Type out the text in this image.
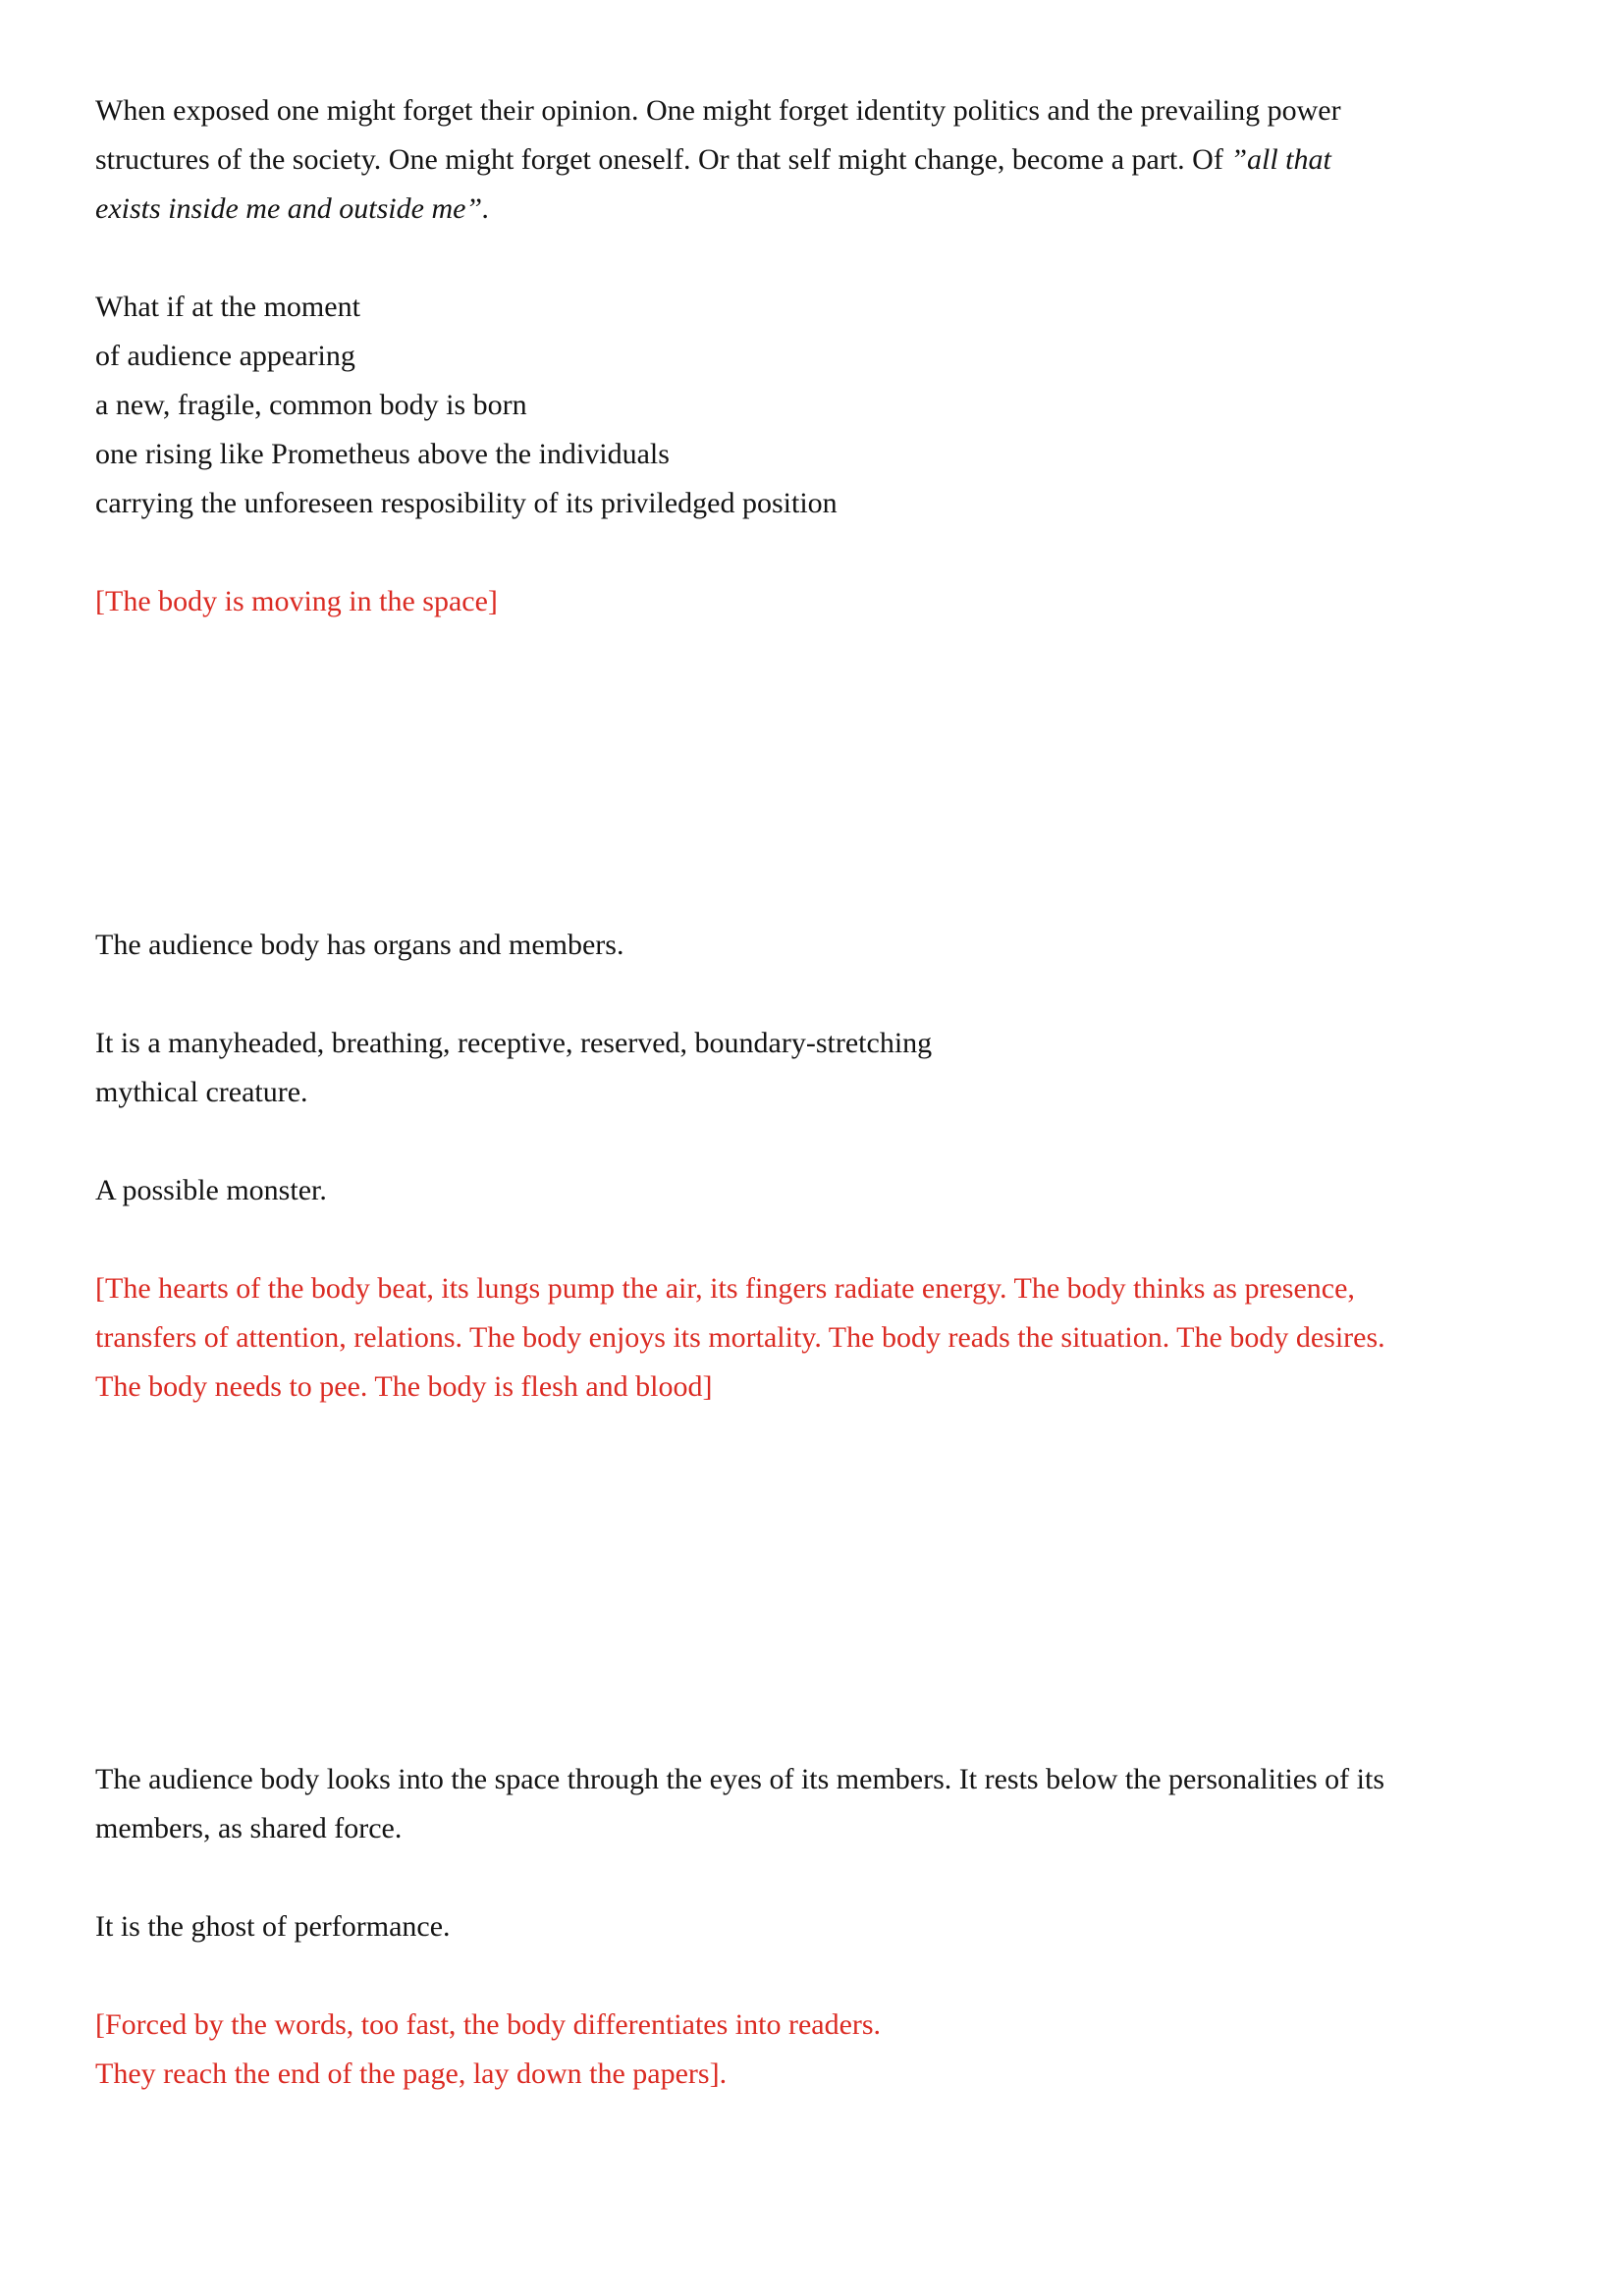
When exposed one might forget their opinion. One might forget identity politics and the prevailing power
structures of the society. One might forget oneself. Or that self might change, become a part. Of ”all that
exists inside me and outside me”.

What if at the moment
of audience appearing
a new, fragile, common body is born
one rising like Prometheus above the individuals
carrying the unforeseen resposibility of its priviledged position

[The body is moving in the space]

The audience body has organs and members.

It is a manyheaded, breathing, receptive, reserved, boundary-stretching
mythical creature.

A possible monster.

[The hearts of the body beat, its lungs pump the air, its fingers radiate energy. The body thinks as presence,
transfers of attention, relations. The body enjoys its mortality. The body reads the situation. The body desires.
The body needs to pee. The body is flesh and blood]

The audience body looks into the space through the eyes of its members. It rests below the personalities of its
members, as shared force.

It is the ghost of performance.

[Forced by the words, too fast, the body differentiates into readers.
They reach the end of the page, lay down the papers].
